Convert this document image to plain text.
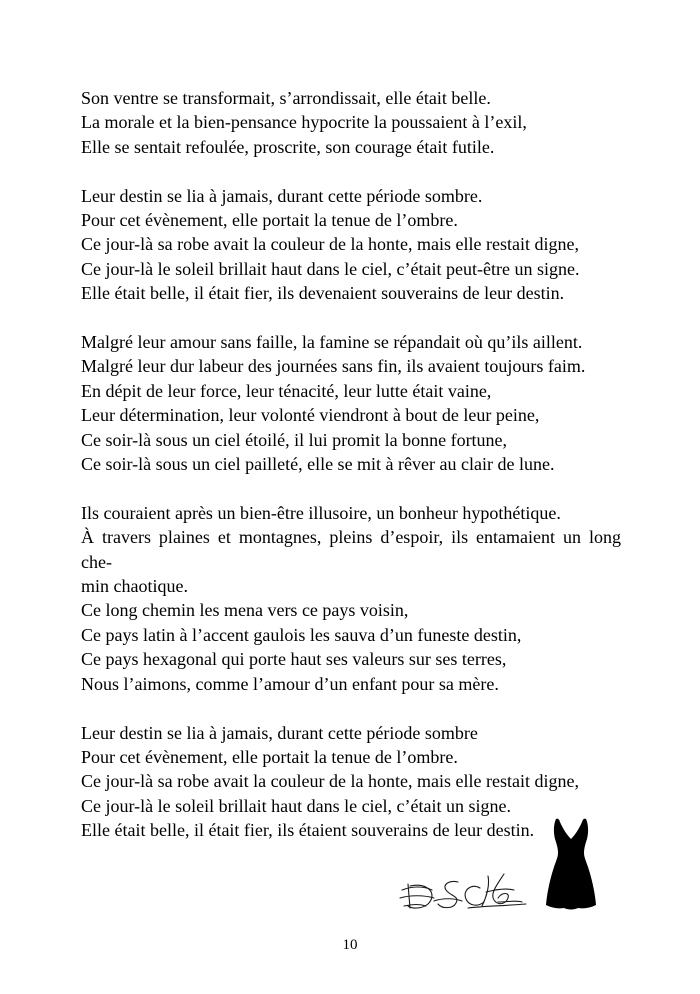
Son ventre se transformait, s’arrondissait, elle était belle.
La morale et la bien-pensance hypocrite la poussaient à l’exil,
Elle se sentait refoulée, proscrite, son courage était futile.
Leur destin se lia à jamais, durant cette période sombre.
Pour cet évènement, elle portait la tenue de l’ombre.
Ce jour-là sa robe avait la couleur de la honte, mais elle restait digne,
Ce jour-là le soleil brillait haut dans le ciel, c’était peut-être un signe.
Elle était belle, il était fier, ils devenaient souverains de leur destin.
Malgré leur amour sans faille, la famine se répandait où qu’ils aillent.
Malgré leur dur labeur des journées sans fin, ils avaient toujours faim.
En dépit de leur force, leur ténacité, leur lutte était vaine,
Leur détermination, leur volonté viendront à bout de leur peine,
Ce soir-là sous un ciel étoilé, il lui promit la bonne fortune,
Ce soir-là sous un ciel pailleté, elle se mit à rêver au clair de lune.
Ils couraient après un bien-être illusoire, un bonheur hypothétique.
À travers plaines et montagnes, pleins d’espoir, ils entamaient un long che-
min chaotique.
Ce long chemin les mena vers ce pays voisin,
Ce pays latin à l’accent gaulois les sauva d’un funeste destin,
Ce pays hexagonal qui porte haut ses valeurs sur ses terres,
Nous l’aimons, comme l’amour d’un enfant pour sa mère.
Leur destin se lia à jamais, durant cette période sombre
Pour cet évènement, elle portait la tenue de l’ombre.
Ce jour-là sa robe avait la couleur de la honte, mais elle restait digne,
Ce jour-là le soleil brillait haut dans le ciel, c’était un signe.
Elle était belle, il était fier, ils étaient souverains de leur destin.
10
